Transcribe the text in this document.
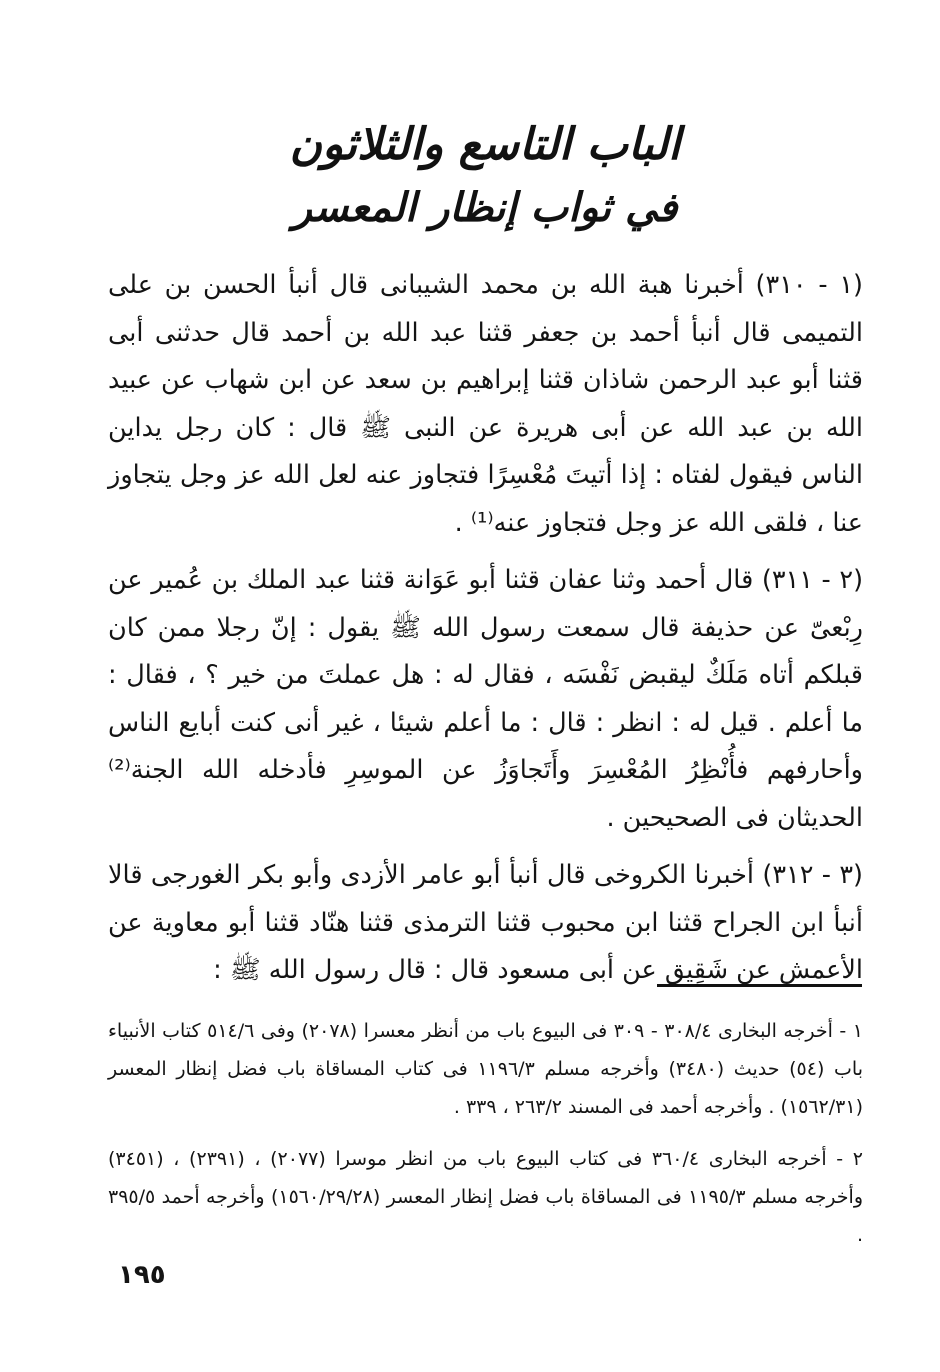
الباب التاسع والثلاثون
في ثواب إنظار المعسر

(١ - ٣١٠) أخبرنا هبة الله بن محمد الشيبانى قال أنبأ الحسن بن على التميمى قال أنبأ أحمد بن جعفر قثنا عبد الله بن أحمد قال حدثنى أبى قثنا أبو عبد الرحمن شاذان قثنا إبراهيم بن سعد عن ابن شهاب عن عبيد الله بن عبد الله عن أبى هريرة عن النبى ﷺ قال : كان رجل يداين الناس فيقول لفتاه : إذا أتيتَ مُعْسِرًا فتجاوز عنه لعل الله عز وجل يتجاوز عنا ، فلقى الله عز وجل فتجاوز عنه⁽¹⁾ .

(٢ - ٣١١) قال أحمد وثنا عفان قثنا أبو عَوَانة قثنا عبد الملك بن عُمير عن رِبْعىّ عن حذيفة قال سمعت رسول الله ﷺ يقول : إنّ رجلا ممن كان قبلكم أتاه مَلَكٌ ليقبض نَفْسَه ، فقال له : هل عملتَ من خير ؟ ، فقال : ما أعلم . قيل له : انظر : قال : ما أعلم شيئا ، غير أنى كنت أبايع الناس وأحارفهم فأُنْظِرُ المُعْسِرَ وأَتَجاوَزُ عن الموسِرِ فأدخله الله الجنة⁽²⁾ الحديثان فى الصحيحين .

(٣ - ٣١٢) أخبرنا الكروخى قال أنبأ أبو عامر الأزدى وأبو بكر الغورجى قالا أنبأ ابن الجراح قثنا ابن محبوب قثنا الترمذى قثنا هنّاد قثنا أبو معاوية عن الأعمش عن شَقِيق عن أبى مسعود قال : قال رسول الله ﷺ :

١ - أخرجه البخارى ٣٠٨/٤ - ٣٠٩ فى البيوع باب من أنظر معسرا (٢٠٧٨) وفى ٥١٤/٦ كتاب الأنبياء باب (٥٤) حديث (٣٤٨٠) وأخرجه مسلم ١١٩٦/٣ فى كتاب المساقاة باب فضل إنظار المعسر (١٥٦٢/٣١) . وأخرجه أحمد فى المسند ٢٦٣/٢ ، ٣٣٩ .

٢ - أخرجه البخارى ٣٦٠/٤ فى كتاب البيوع باب من انظر موسرا (٢٠٧٧) ، (٢٣٩١) ، (٣٤٥١) وأخرجه مسلم ١١٩٥/٣ فى المساقاة باب فضل إنظار المعسر (١٥٦٠/٢٩/٢٨) وأخرجه أحمد ٣٩٥/٥ .

١٩٥
